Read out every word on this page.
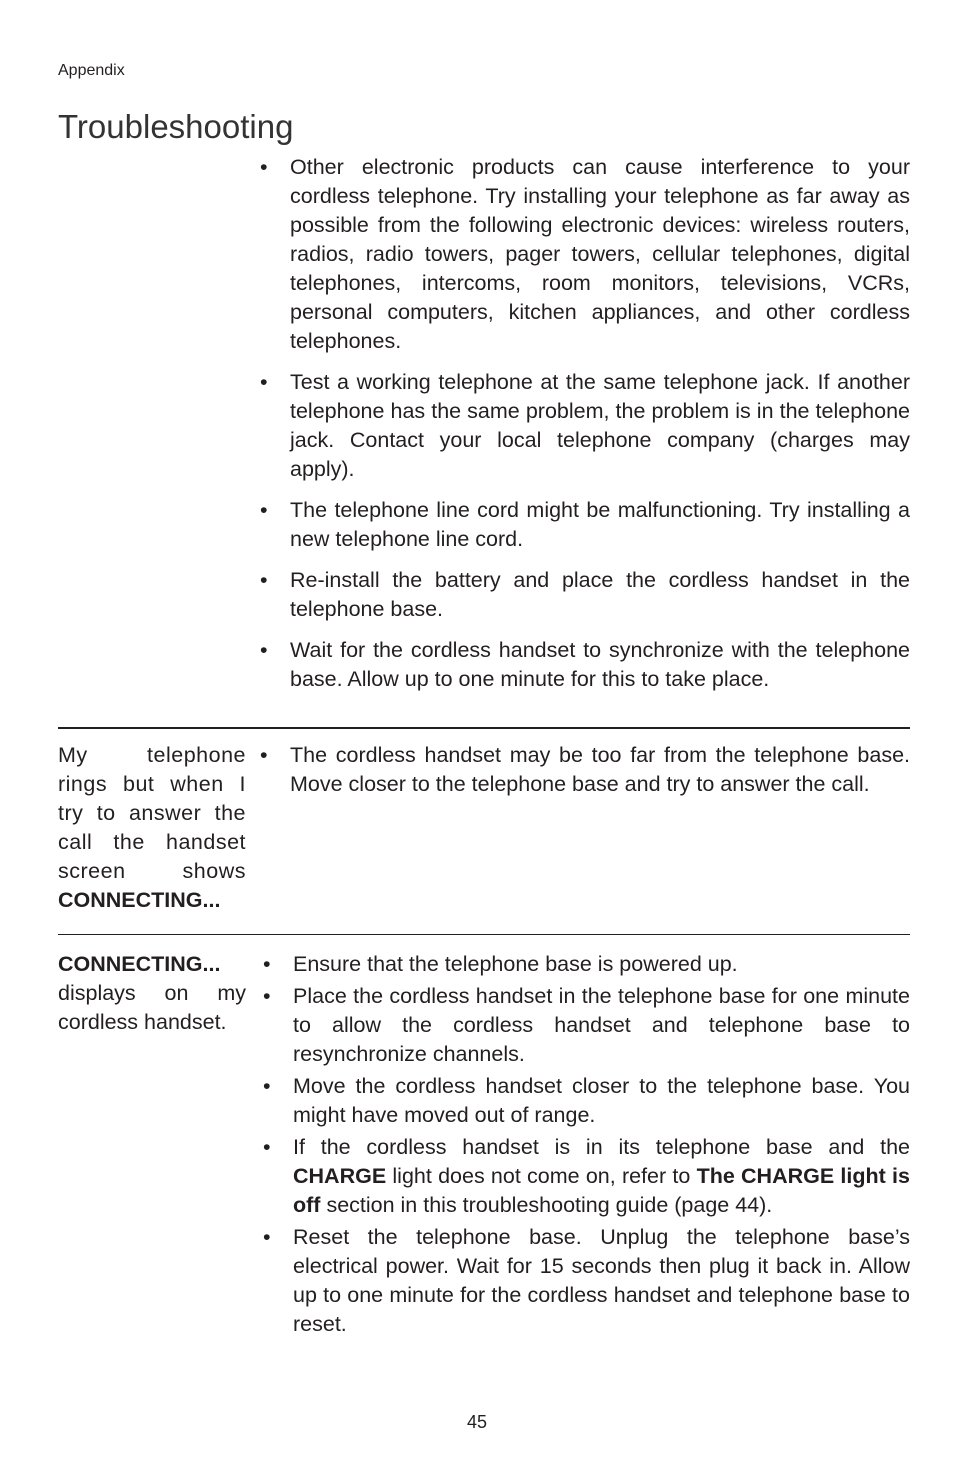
Appendix
Troubleshooting
• Other electronic products can cause interference to your cordless telephone. Try installing your telephone as far away as possible from the following electronic devices: wireless routers, radios, radio towers, pager towers, cellular telephones, digital telephones, intercoms, room monitors, televisions, VCRs, personal computers, kitchen appliances, and other cordless telephones.
• Test a working telephone at the same telephone jack. If another telephone has the same problem, the problem is in the telephone jack. Contact your local telephone company (charges may apply).
• The telephone line cord might be malfunctioning. Try installing a new telephone line cord.
• Re-install the battery and place the cordless handset in the telephone base.
• Wait for the cordless handset to synchronize with the telephone base. Allow up to one minute for this to take place.
My telephone rings but when I try to answer the call the handset screen shows CONNECTING...
• The cordless handset may be too far from the telephone base. Move closer to the telephone base and try to answer the call.
CONNECTING... displays on my cordless handset.
• Ensure that the telephone base is powered up.
• Place the cordless handset in the telephone base for one minute to allow the cordless handset and telephone base to resynchronize channels.
• Move the cordless handset closer to the telephone base. You might have moved out of range.
• If the cordless handset is in its telephone base and the CHARGE light does not come on, refer to The CHARGE light is off section in this troubleshooting guide (page 44).
• Reset the telephone base. Unplug the telephone base’s electrical power. Wait for 15 seconds then plug it back in. Allow up to one minute for the cordless handset and telephone base to reset.
45
